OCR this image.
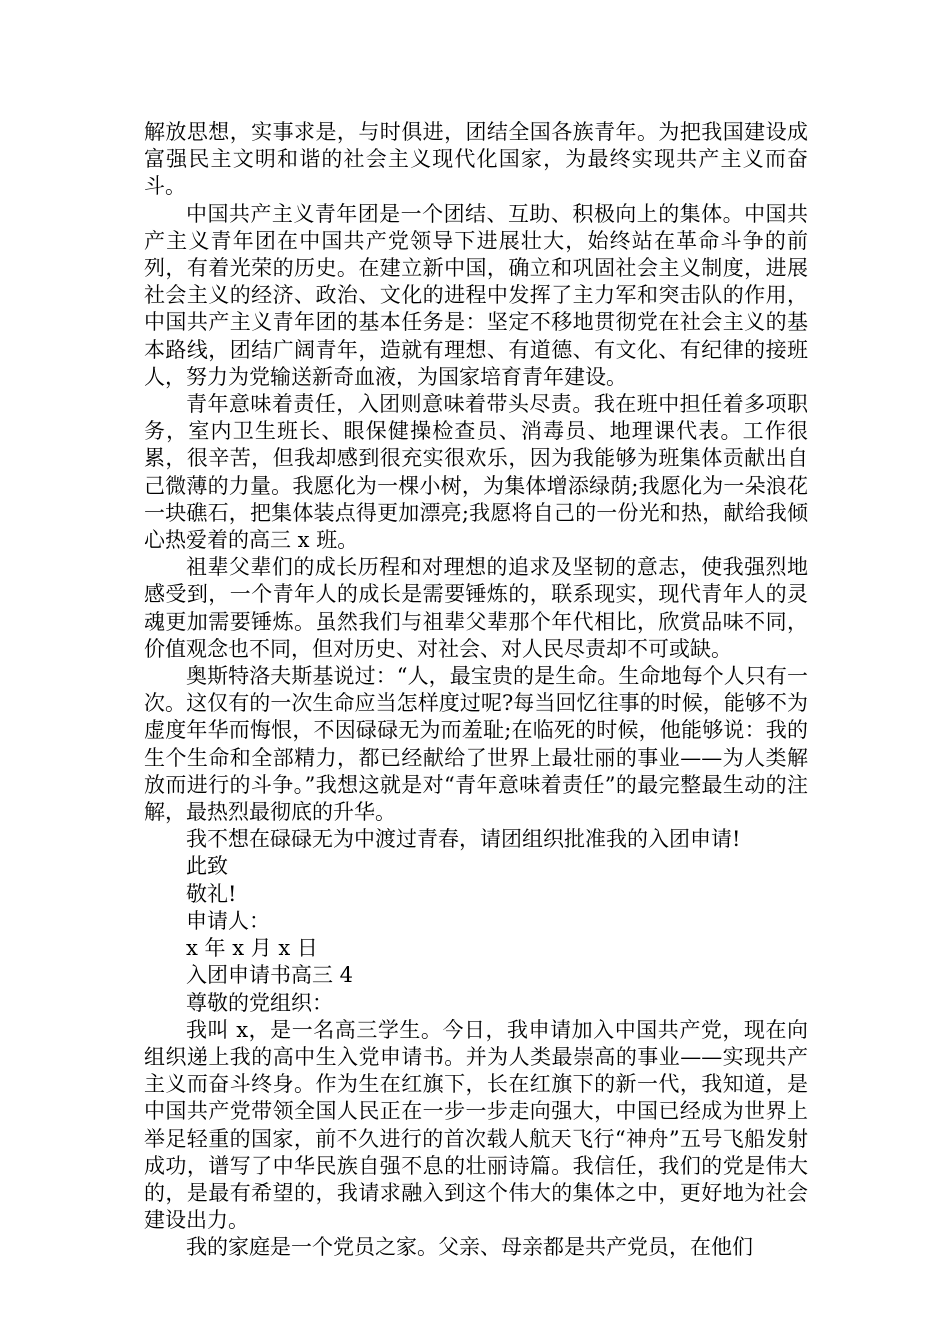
解放思想，实事求是，与时俱进，团结全国各族青年。为把我国建设成富强民主文明和谐的社会主义现代化国家，为最终实现共产主义而奋斗。

中国共产主义青年团是一个团结、互助、积极向上的集体。中国共产主义青年团在中国共产党领导下进展壮大，始终站在革命斗争的前列，有着光荣的历史。在建立新中国，确立和巩固社会主义制度，进展社会主义的经济、政治、文化的进程中发挥了主力军和突击队的作用，中国共产主义青年团的基本任务是：坚定不移地贯彻党在社会主义的基本路线，团结广阔青年，造就有理想、有道德、有文化、有纪律的接班人，努力为党输送新奇血液，为国家培育青年建设。

青年意味着责任，入团则意味着带头尽责。我在班中担任着多项职务，室内卫生班长、眼保健操检查员、消毒员、地理课代表。工作很累，很辛苦，但我却感到很充实很欢乐，因为我能够为班集体贡献出自己微薄的力量。我愿化为一棵小树，为集体增添绿荫;我愿化为一朵浪花一块礁石，把集体装点得更加漂亮;我愿将自己的一份光和热，献给我倾心热爱着的高三 x 班。

祖辈父辈们的成长历程和对理想的追求及坚韧的意志，使我强烈地感受到，一个青年人的成长是需要锤炼的，联系现实，现代青年人的灵魂更加需要锤炼。虽然我们与祖辈父辈那个年代相比，欣赏品味不同，价值观念也不同，但对历史、对社会、对人民尽责却不可或缺。

奥斯特洛夫斯基说过：“人，最宝贵的是生命。生命地每个人只有一次。这仅有的一次生命应当怎样度过呢?每当回忆往事的时候，能够不为虚度年华而悔恨，不因碌碌无为而羞耻;在临死的时候，他能够说：我的生个生命和全部精力，都已经献给了世界上最壮丽的事业——为人类解放而进行的斗争。”我想这就是对“青年意味着责任”的最完整最生动的注解，最热烈最彻底的升华。

我不想在碌碌无为中渡过青春，请团组织批准我的入团申请!

此致

敬礼!

申请人：

x 年 x 月 x 日

入团申请书高三 4

尊敬的党组织：

我叫 x，是一名高三学生。今日，我申请加入中国共产党，现在向组织递上我的高中生入党申请书。并为人类最崇高的事业——实现共产主义而奋斗终身。作为生在红旗下，长在红旗下的新一代，我知道，是中国共产党带领全国人民正在一步一步走向强大，中国已经成为世界上举足轻重的国家，前不久进行的首次载人航天飞行“神舟”五号飞船发射成功，谱写了中华民族自强不息的壮丽诗篇。我信任，我们的党是伟大的，是最有希望的，我请求融入到这个伟大的集体之中，更好地为社会建设出力。

我的家庭是一个党员之家。父亲、母亲都是共产党员，在他们
